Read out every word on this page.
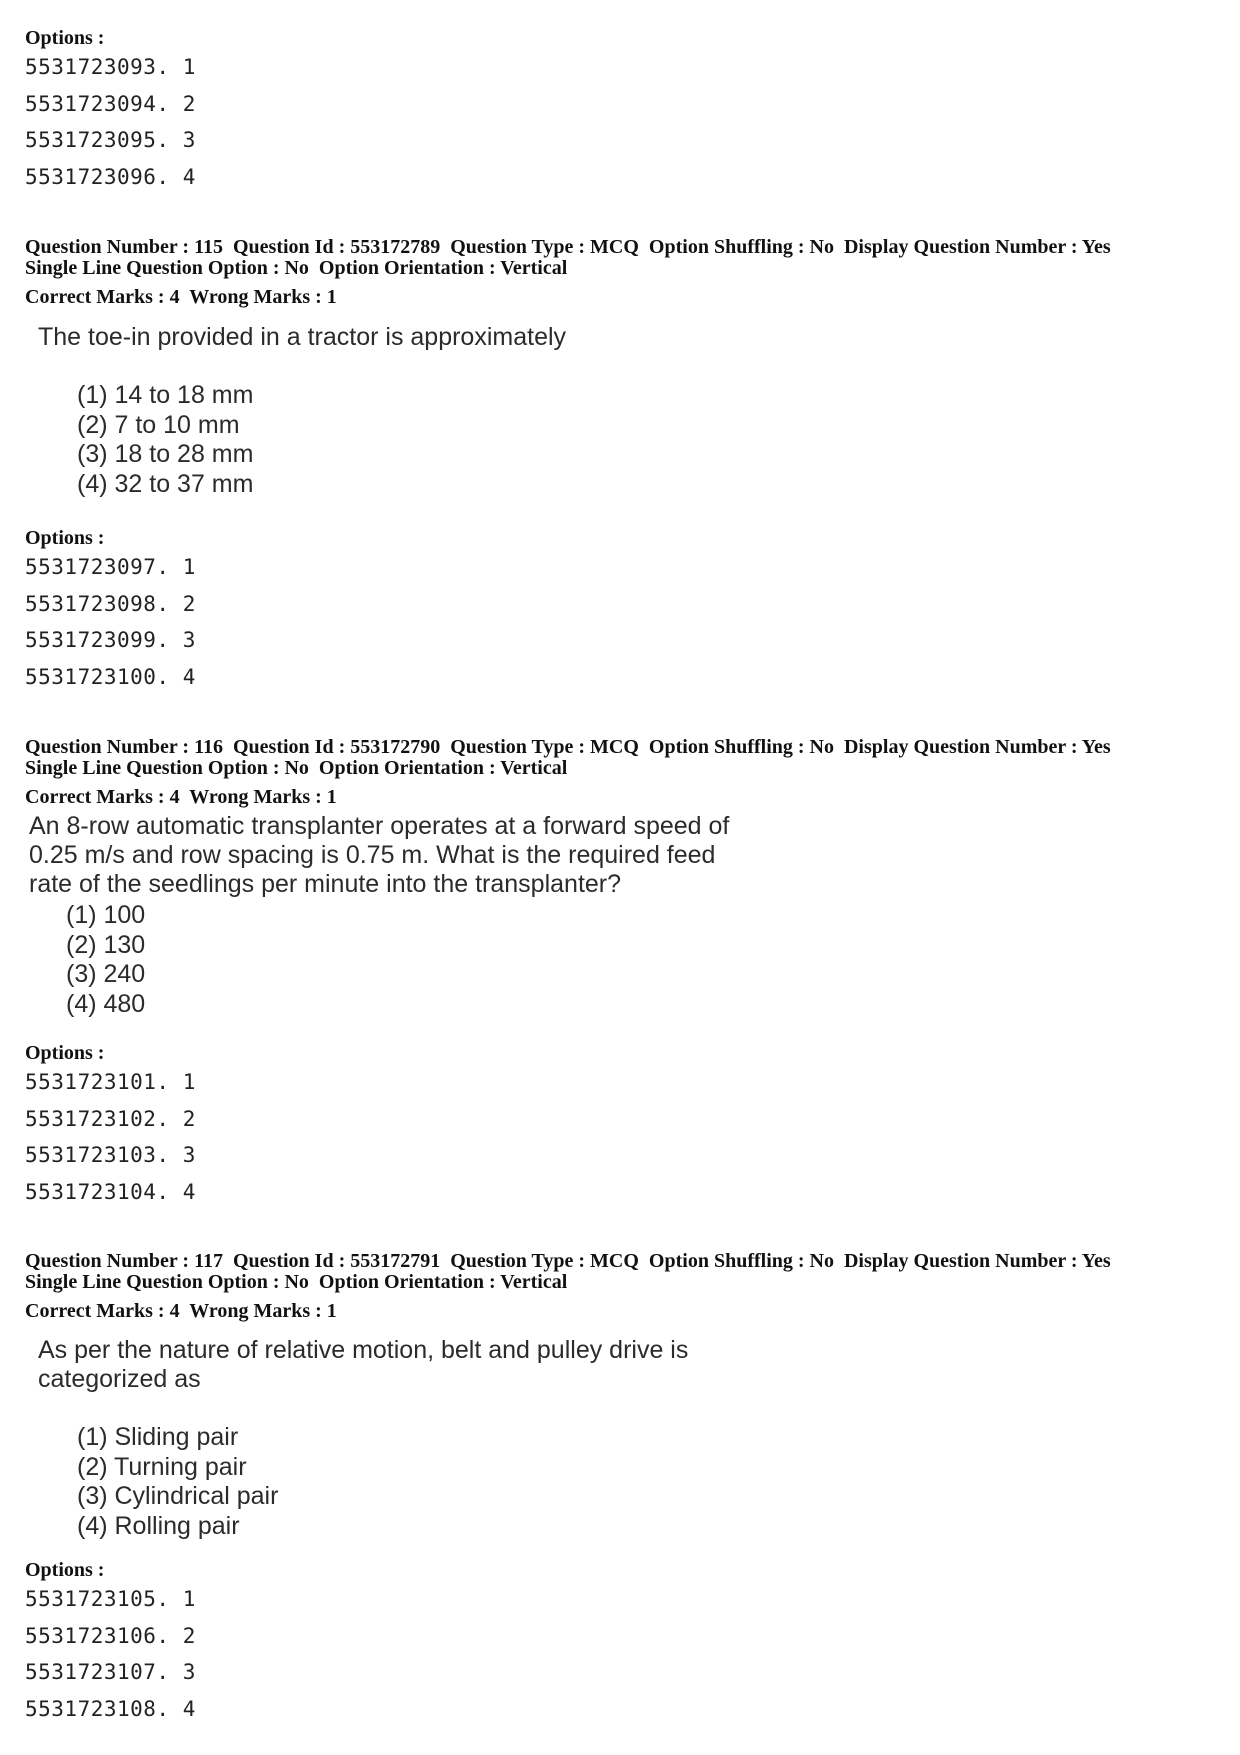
Options :

5531723093. 1
5531723094. 2
5531723095. 3
5531723096. 4
Question Number : 115  Question Id : 553172789  Question Type : MCQ  Option Shuffling : No  Display Question Number : Yes
Single Line Question Option : No  Option Orientation : Vertical
Correct Marks : 4  Wrong Marks : 1
The toe-in provided in a tractor is approximately
(1) 14 to 18 mm
(2) 7 to 10 mm
(3) 18 to 28 mm
(4) 32 to 37 mm

Options :

5531723097. 1
5531723098. 2
5531723099. 3
5531723100. 4
Question Number : 116  Question Id : 553172790  Question Type : MCQ  Option Shuffling : No  Display Question Number : Yes
Single Line Question Option : No  Option Orientation : Vertical
Correct Marks : 4  Wrong Marks : 1
An 8-row automatic transplanter operates at a forward speed of
0.25 m/s and row spacing is 0.75 m. What is the required feed
rate of the seedlings per minute into the transplanter?
(1) 100
(2) 130
(3) 240
(4) 480

Options :

5531723101. 1
5531723102. 2
5531723103. 3
5531723104. 4
Question Number : 117  Question Id : 553172791  Question Type : MCQ  Option Shuffling : No  Display Question Number : Yes
Single Line Question Option : No  Option Orientation : Vertical
Correct Marks : 4  Wrong Marks : 1
As per the nature of relative motion, belt and pulley drive is
categorized as
(1) Sliding pair
(2) Turning pair
(3) Cylindrical pair
(4) Rolling pair

Options :

5531723105. 1
5531723106. 2
5531723107. 3
5531723108. 4
